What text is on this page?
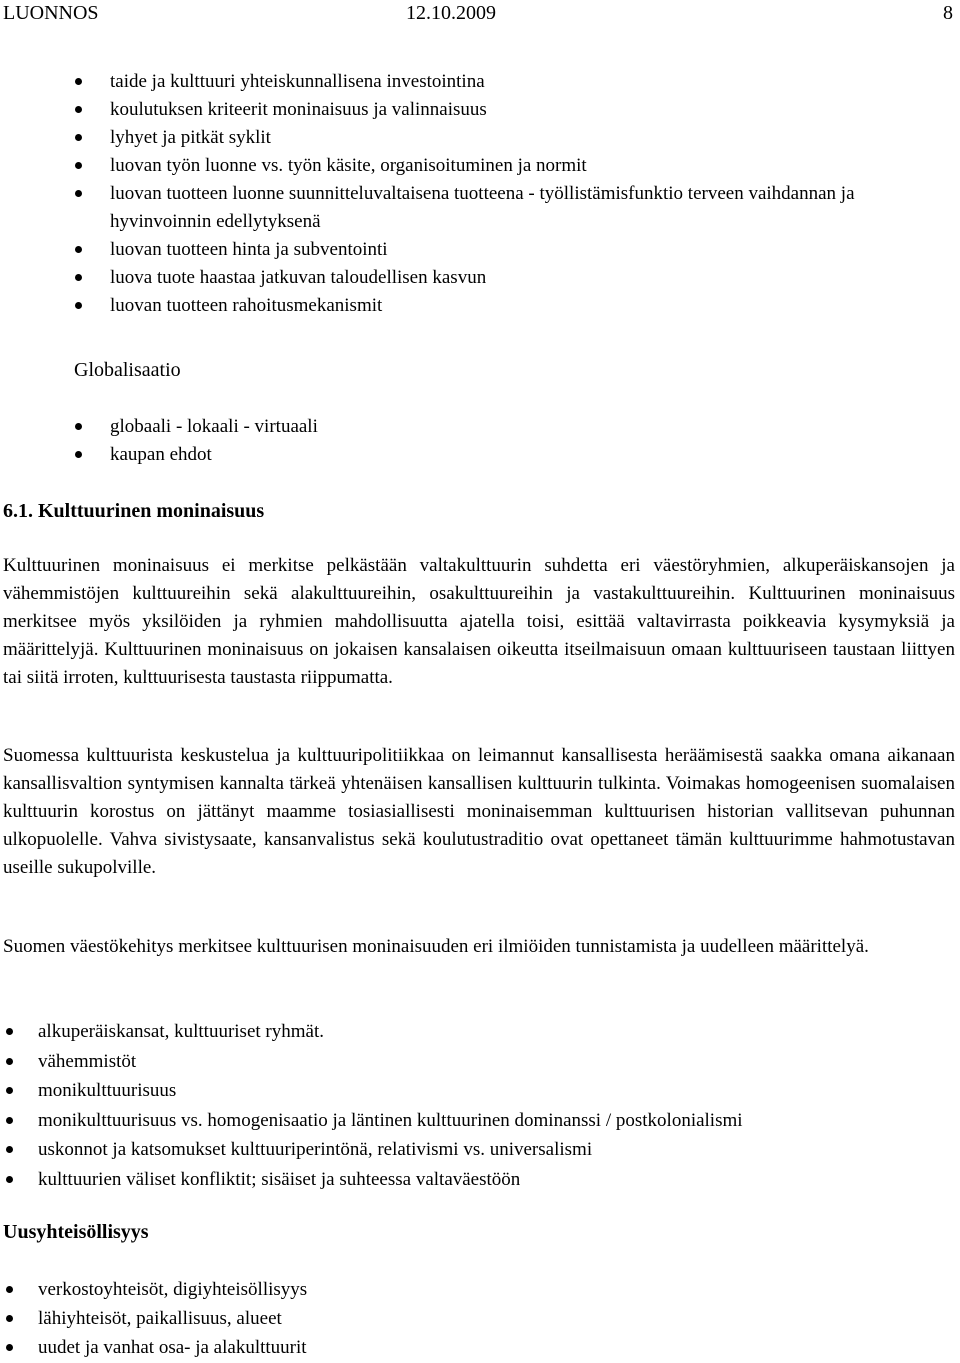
LUONNOS	12.10.2009	8
taide ja kulttuuri yhteiskunnallisena investointina
koulutuksen kriteerit moninaisuus ja valinnaisuus
lyhyet ja pitkät syklit
luovan työn luonne vs. työn käsite, organisoituminen ja normit
luovan tuotteen luonne suunnitteluvaltaisena tuotteena - työllistämisfunktio terveen vaihdannan ja hyvinvoinnin edellytyksenä
luovan tuotteen hinta ja subventointi
luova tuote haastaa jatkuvan taloudellisen kasvun
luovan tuotteen rahoitusmekanismit
Globalisaatio
globaali - lokaali - virtuaali
kaupan ehdot
6.1. Kulttuurinen moninaisuus

Kulttuurinen moninaisuus ei merkitse pelkästään valtakulttuurin suhdetta eri väestöryhmien, alkuperäiskansojen ja vähemmistöjen kulttuureihin sekä alakulttuureihin, osakulttuureihin ja vastakulttuureihin. Kulttuurinen moninaisuus merkitsee myös yksilöiden ja ryhmien mahdollisuutta ajatella toisi, esittää valtavirrasta poikkeavia kysymyksiä ja määrittelyjä. Kulttuurinen moninaisuus on jokaisen kansalaisen oikeutta itseilmaisuun omaan kulttuuriseen taustaan liittyen tai siitä irroten, kulttuurisesta taustasta riippumatta.

Suomessa kulttuurista keskustelua ja kulttuuripolitiikkaa on leimannut kansallisesta heräämisestä saakka omana aikanaan kansallisvaltion syntymisen kannalta tärkeä yhtenäisen kansallisen kulttuurin tulkinta. Voimakas homogeenisen suomalaisen kulttuurin korostus on jättänyt maamme tosiasiallisesti moninaisemman kulttuurisen historian vallitsevan puhunnan ulkopuolelle. Vahva sivistysaate, kansanvalistus sekä koulutustraditio ovat opettaneet tämän kulttuurimme hahmotustavan useille sukupolville.

Suomen väestökehitys merkitsee kulttuurisen moninaisuuden eri ilmiöiden tunnistamista ja uudelleen määrittelyä.

alkuperäiskansat, kulttuuriset ryhmät.
vähemmistöt
monikulttuurisuus
monikulttuurisuus vs. homogenisaatio ja läntinen kulttuurinen dominanssi / postkolonialismi
uskonnot ja katsomukset kulttuuriperintönä, relativismi vs. universalismi
kulttuurien väliset konfliktit; sisäiset ja suhteessa valtaväestöön
Uusyhteisöllisyys
verkostoyhteisöt, digiyhteisöllisyys
lähiyhteisöt, paikallisuus, alueet
uudet ja vanhat osa- ja alakulttuurit
